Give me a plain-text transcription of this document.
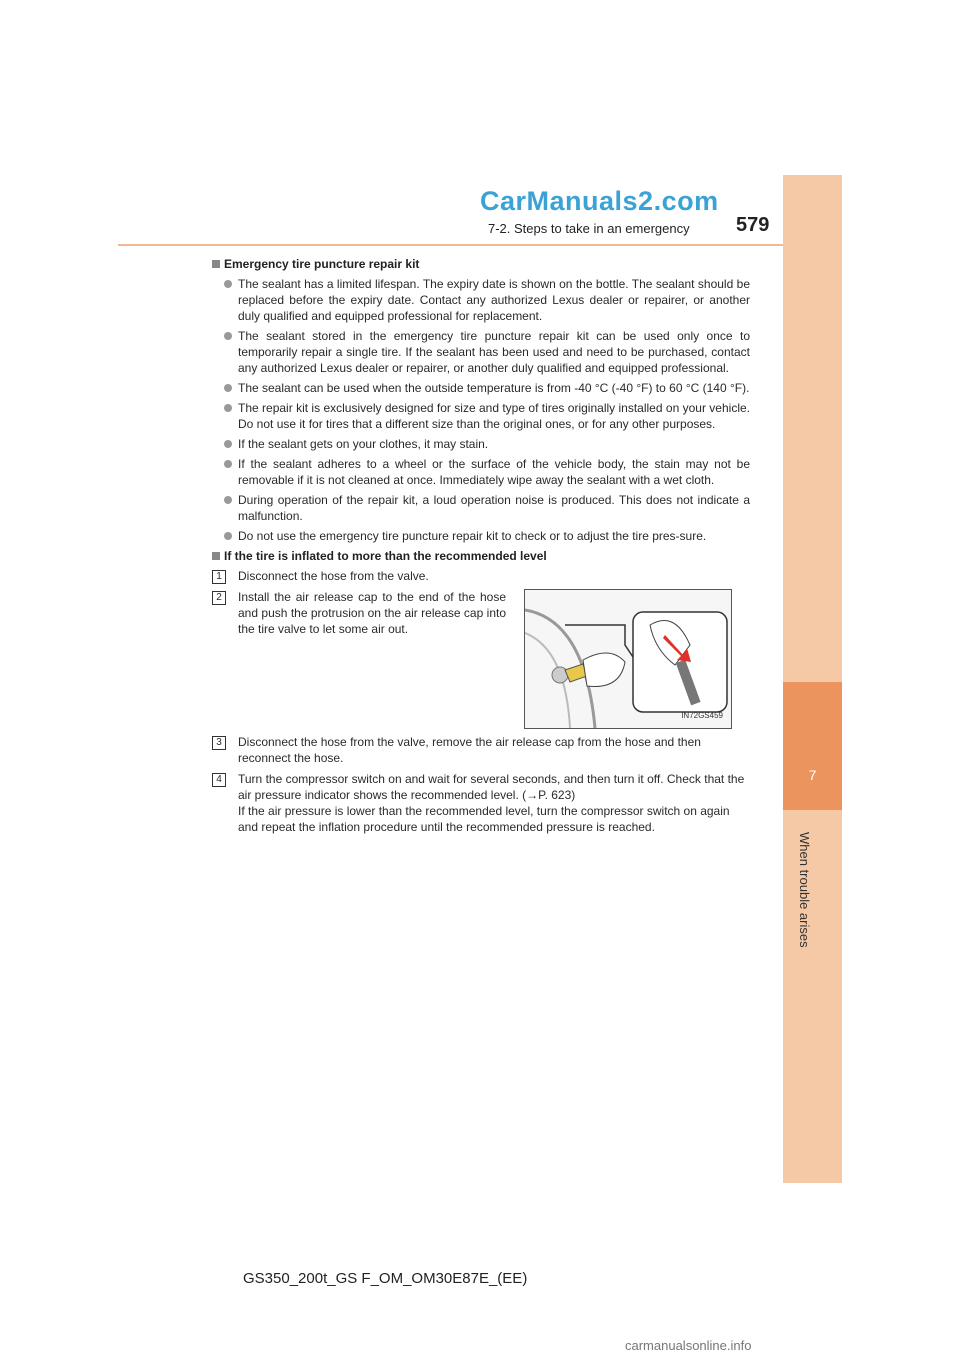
7
When trouble arises
CarManuals2.com
7-2. Steps to take in an emergency 579
Emergency tire puncture repair kit
The sealant has a limited lifespan. The expiry date is shown on the bottle. The sealant should be replaced before the expiry date. Contact any authorized Lexus dealer or repairer, or another duly qualified and equipped professional for replacement.
The sealant stored in the emergency tire puncture repair kit can be used only once to temporarily repair a single tire. If the sealant has been used and need to be purchased, contact any authorized Lexus dealer or repairer, or another duly qualified and equipped professional.
The sealant can be used when the outside temperature is from -40 °C (-40 °F) to 60 °C (140 °F).
The repair kit is exclusively designed for size and type of tires originally installed on your vehicle. Do not use it for tires that a different size than the original ones, or for any other purposes.
If the sealant gets on your clothes, it may stain.
If the sealant adheres to a wheel or the surface of the vehicle body, the stain may not be removable if it is not cleaned at once. Immediately wipe away the sealant with a wet cloth.
During operation of the repair kit, a loud operation noise is produced. This does not indicate a malfunction.
Do not use the emergency tire puncture repair kit to check or to adjust the tire pres-sure.
If the tire is inflated to more than the recommended level
1	Disconnect the hose from the valve.
2	Install the air release cap to the end of the hose and push the protrusion on the air release cap into the tire valve to let some air out.
IN72GS459
3	Disconnect the hose from the valve, remove the air release cap from the hose and then reconnect the hose.
4	Turn the compressor switch on and wait for several seconds, and then turn it off. Check that the air pressure indicator shows the recommended level. (→P. 623)
If the air pressure is lower than the recommended level, turn the compressor switch on again and repeat the inflation procedure until the recommended pressure is reached.
GS350_200t_GS F_OM_OM30E87E_(EE)
carmanualsonline.info
